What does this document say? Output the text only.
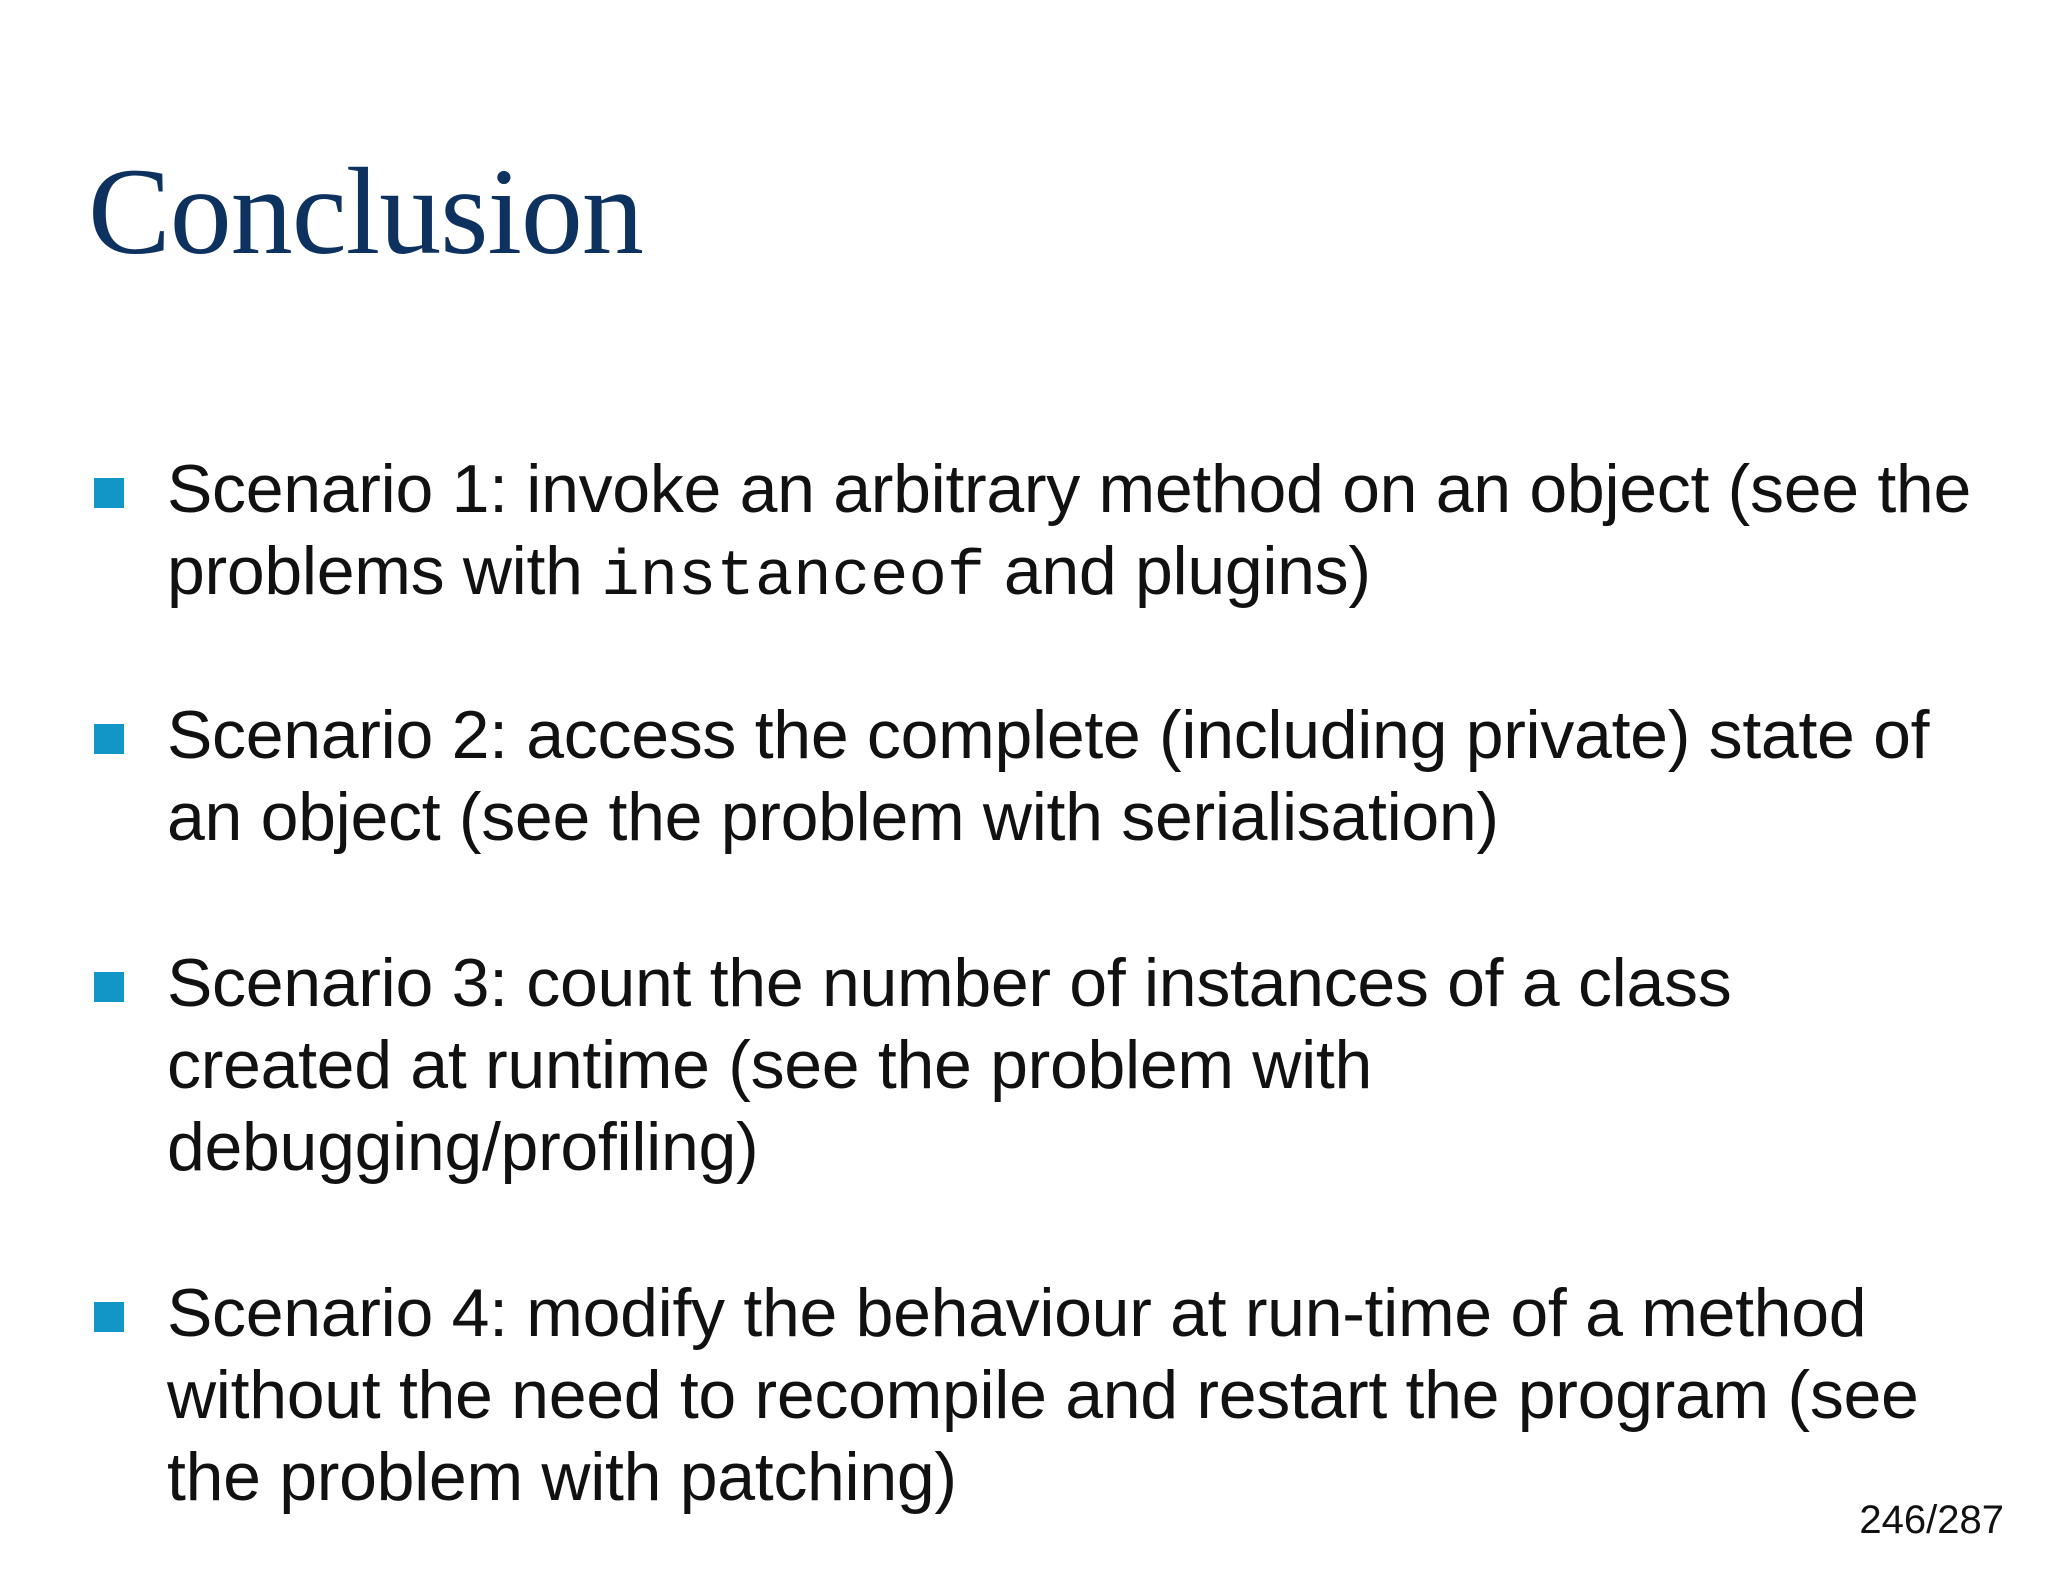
Conclusion

Scenario 1: invoke an arbitrary method on an object (see the problems with instanceof and plugins)

Scenario 2: access the complete (including private) state of an object (see the problem with serialisation)

Scenario 3: count the number of instances of a class created at runtime (see the problem with debugging/profiling)

Scenario 4: modify the behaviour at run-time of a method without the need to recompile and restart the program (see the problem with patching)

246/287
